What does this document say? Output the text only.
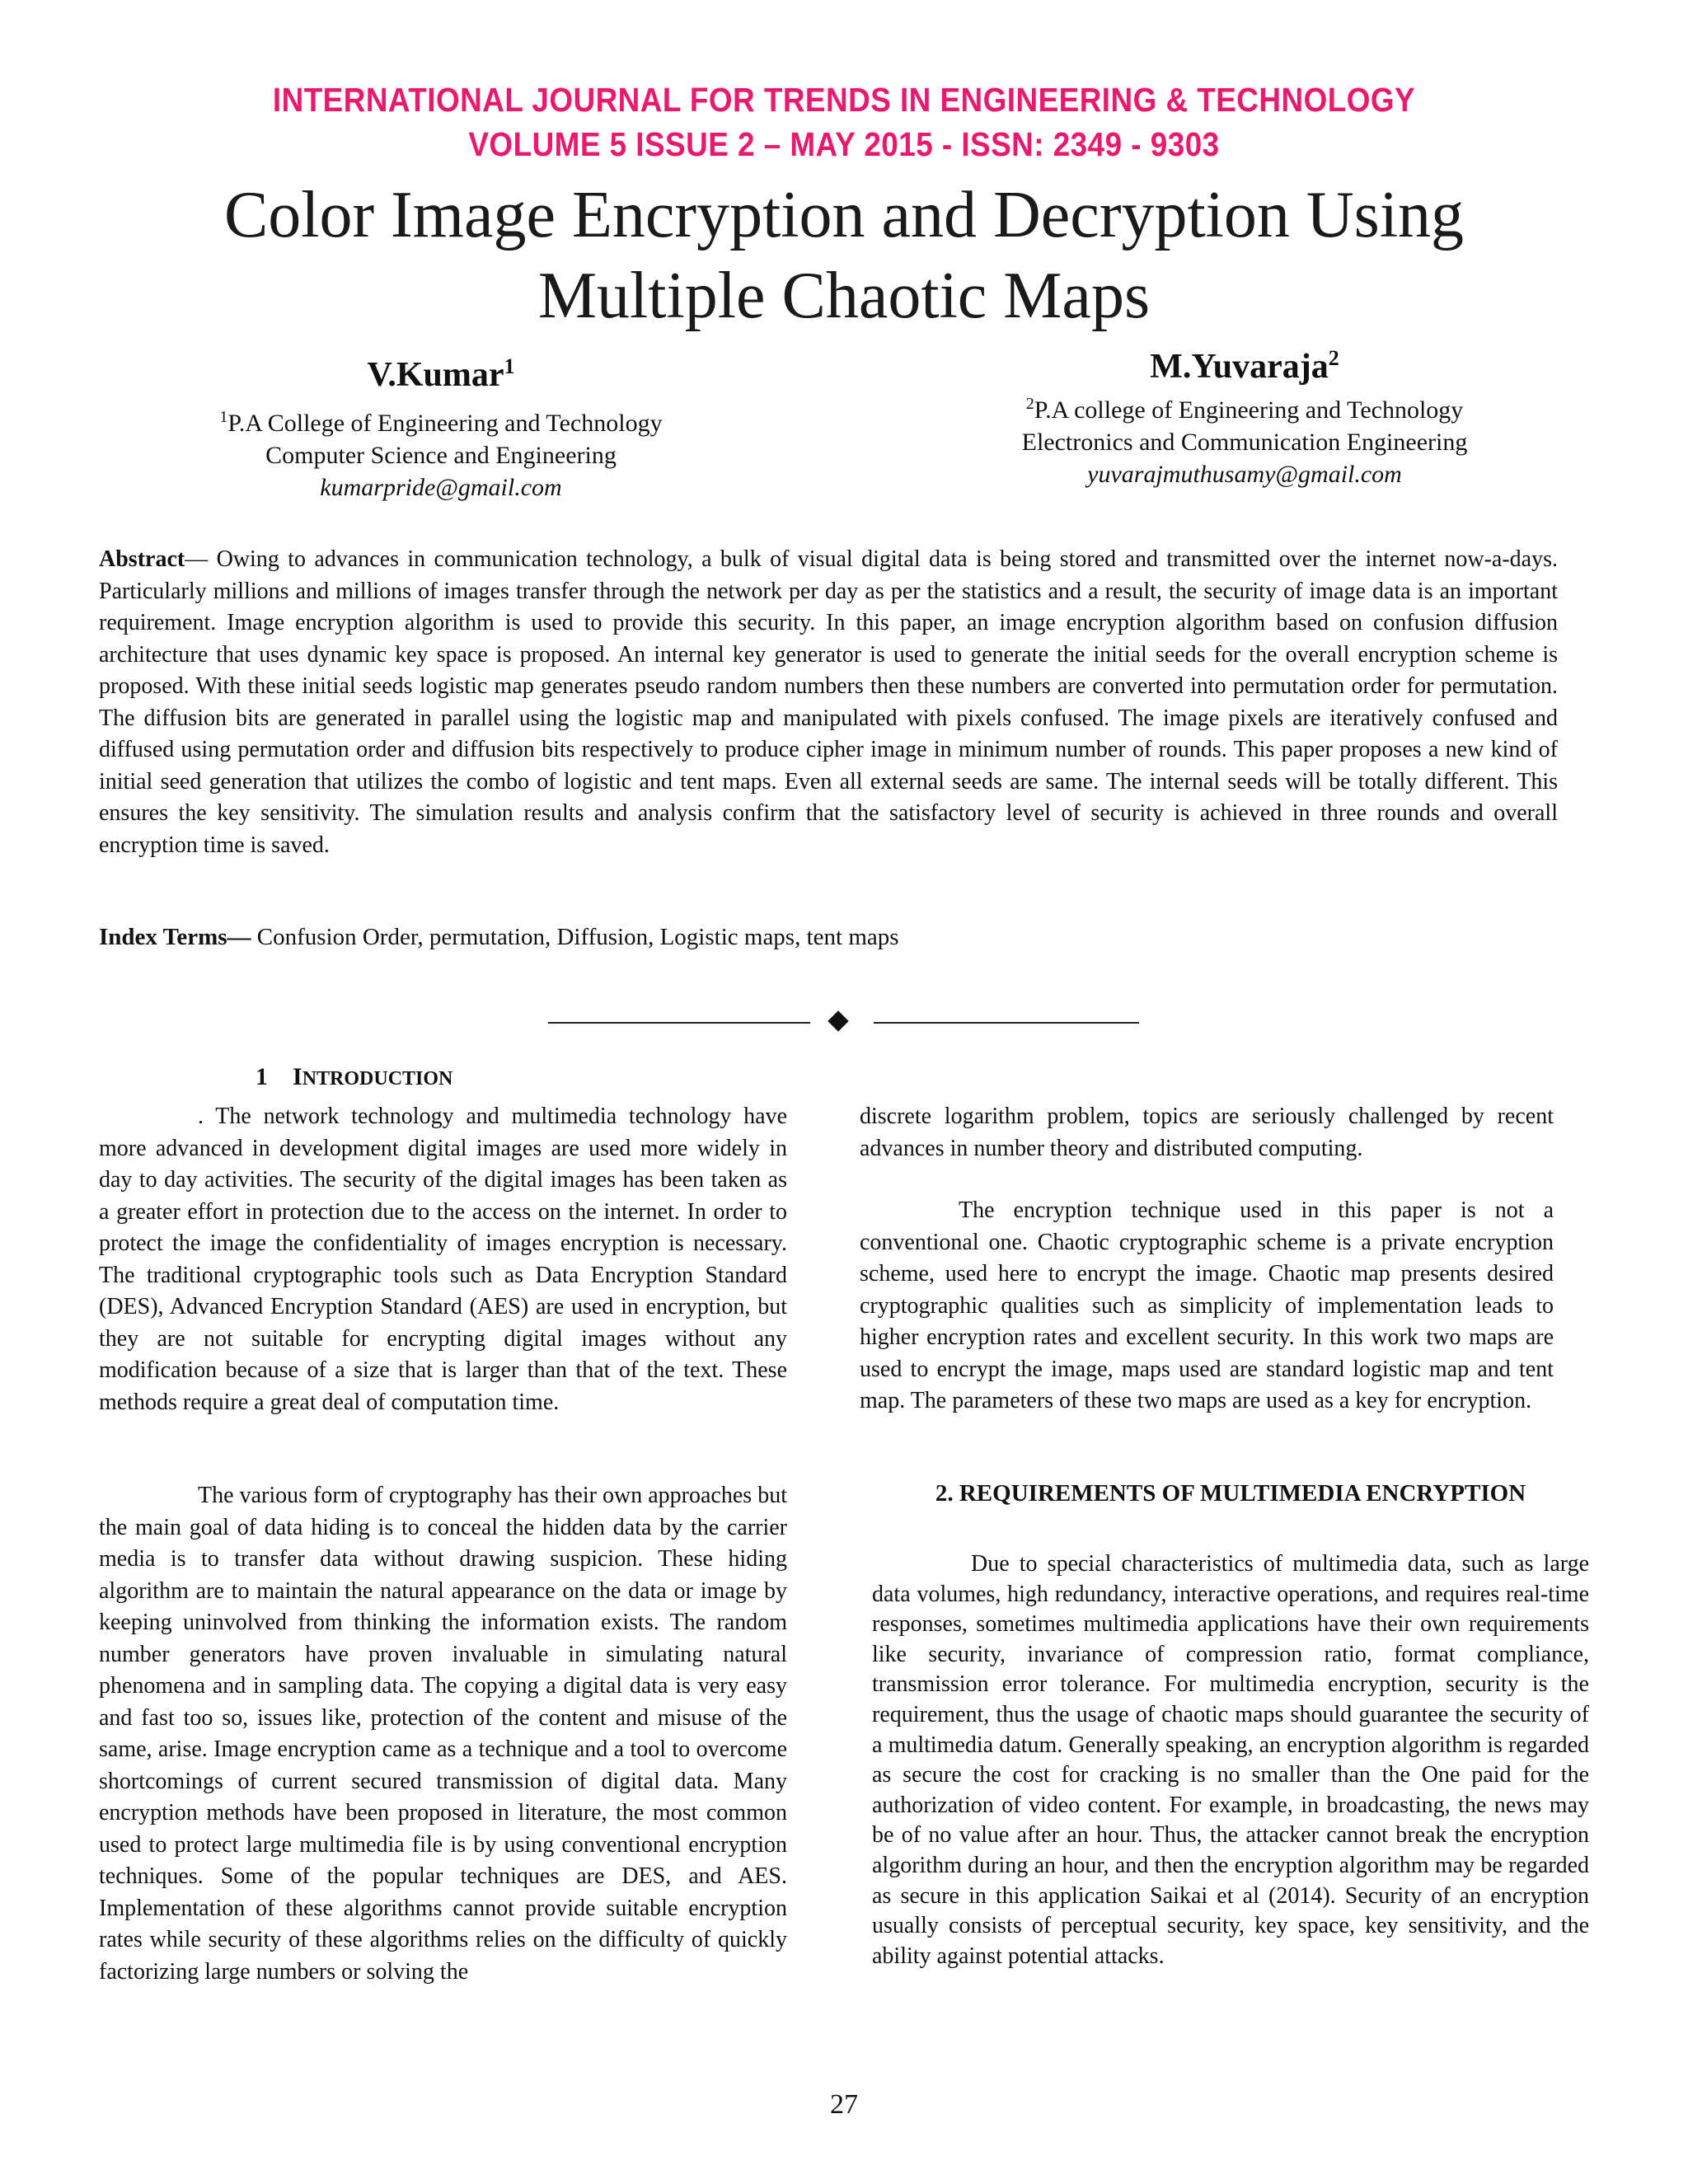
INTERNATIONAL JOURNAL FOR TRENDS IN ENGINEERING & TECHNOLOGY
VOLUME 5 ISSUE 2 – MAY 2015 - ISSN: 2349 - 9303
Color Image Encryption and Decryption Using
Multiple Chaotic Maps
V.Kumar$^1$
$^1$P.A College of Engineering and Technology
Computer Science and Engineering
kumarpride@gmail.com
M.Yuvaraja$^2$
$^2$P.A college of Engineering and Technology
Electronics and Communication Engineering
yuvarajmuthusamy@gmail.com

Abstract— Owing to advances in communication technology, a bulk of visual digital data is being stored and transmitted over the internet now-a-days. Particularly millions and millions of images transfer through the network per day as per the statistics and a result, the security of image data is an important requirement. Image encryption algorithm is used to provide this security. In this paper, an image encryption algorithm based on confusion diffusion architecture that uses dynamic key space is proposed. An internal key generator is used to generate the initial seeds for the overall encryption scheme is proposed. With these initial seeds logistic map generates pseudo random numbers then these numbers are converted into permutation order for permutation. The diffusion bits are generated in parallel using the logistic map and manipulated with pixels confused. The image pixels are iteratively confused and diffused using permutation order and diffusion bits respectively to produce cipher image in minimum number of rounds. This paper proposes a new kind of initial seed generation that utilizes the combo of logistic and tent maps. Even all external seeds are same. The internal seeds will be totally different. This ensures the key sensitivity. The simulation results and analysis confirm that the satisfactory level of security is achieved in three rounds and overall encryption time is saved.

Index Terms— Confusion Order, permutation, Diffusion, Logistic maps, tent maps
1 INTRODUCTION

. The network technology and multimedia technology have more advanced in development digital images are used more widely in day to day activities. The security of the digital images has been taken as a greater effort in protection due to the access on the internet. In order to protect the image the confidentiality of images encryption is necessary. The traditional cryptographic tools such as Data Encryption Standard (DES), Advanced Encryption Standard (AES) are used in encryption, but they are not suitable for encrypting digital images without any modification because of a size that is larger than that of the text. These methods require a great deal of computation time.

The various form of cryptography has their own approaches but the main goal of data hiding is to conceal the hidden data by the carrier media is to transfer data without drawing suspicion. These hiding algorithm are to maintain the natural appearance on the data or image by keeping uninvolved from thinking the information exists. The random number generators have proven invaluable in simulating natural phenomena and in sampling data. The copying a digital data is very easy and fast too so, issues like, protection of the content and misuse of the same, arise. Image encryption came as a technique and a tool to overcome shortcomings of current secured transmission of digital data. Many encryption methods have been proposed in literature, the most common used to protect large multimedia file is by using conventional encryption techniques. Some of the popular techniques are DES, and AES. Implementation of these algorithms cannot provide suitable encryption rates while security of these algorithms relies on the difficulty of quickly factorizing large numbers or solving the

discrete logarithm problem, topics are seriously challenged by recent advances in number theory and distributed computing.

The encryption technique used in this paper is not a conventional one. Chaotic cryptographic scheme is a private encryption scheme, used here to encrypt the image. Chaotic map presents desired cryptographic qualities such as simplicity of implementation leads to higher encryption rates and excellent security. In this work two maps are used to encrypt the image, maps used are standard logistic map and tent map. The parameters of these two maps are used as a key for encryption.

2. REQUIREMENTS OF MULTIMEDIA ENCRYPTION

Due to special characteristics of multimedia data, such as large data volumes, high redundancy, interactive operations, and requires real-time responses, sometimes multimedia applications have their own requirements like security, invariance of compression ratio, format compliance, transmission error tolerance. For multimedia encryption, security is the requirement, thus the usage of chaotic maps should guarantee the security of a multimedia datum. Generally speaking, an encryption algorithm is regarded as secure the cost for cracking is no smaller than the One paid for the authorization of video content. For example, in broadcasting, the news may be of no value after an hour. Thus, the attacker cannot break the encryption algorithm during an hour, and then the encryption algorithm may be regarded as secure in this application Saikai et al (2014). Security of an encryption usually consists of perceptual security, key space, key sensitivity, and the ability against potential attacks.

27
